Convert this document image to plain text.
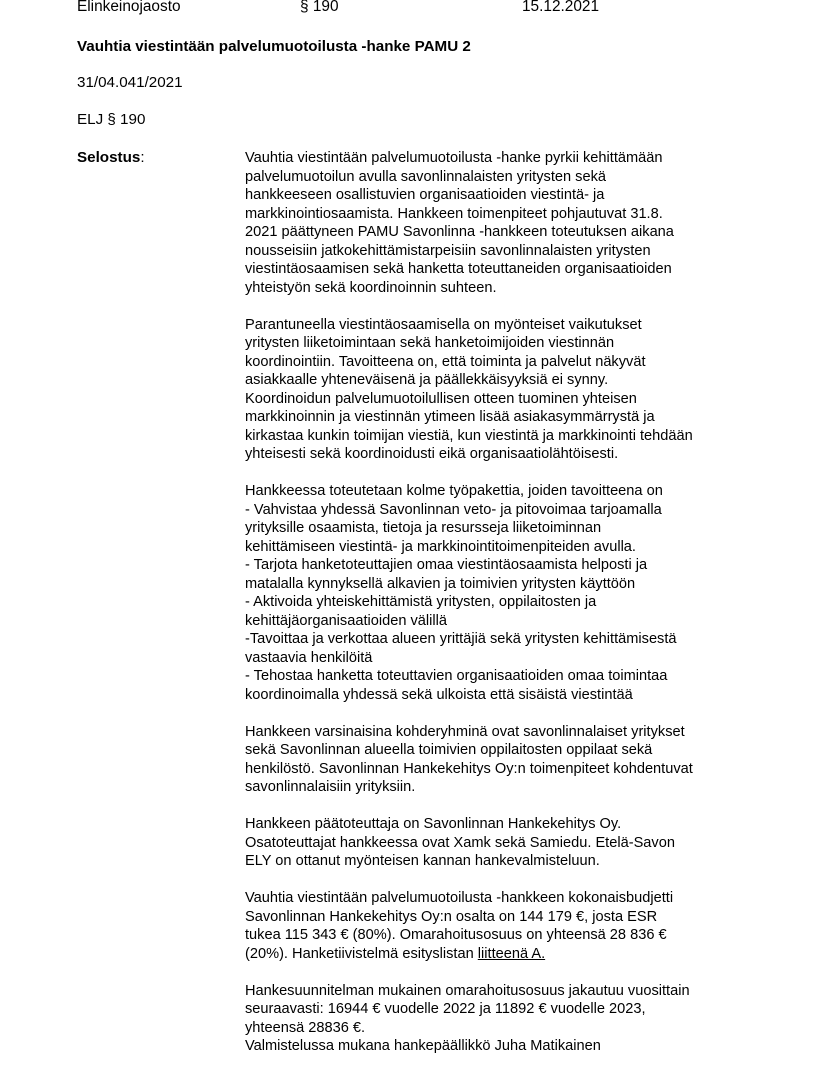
Elinkeinojaosto	§ 190	15.12.2021
Vauhtia viestintään palvelumuotoilusta -hanke PAMU 2
31/04.041/2021
ELJ § 190
Selostus:	Vauhtia viestintään palvelumuotoilusta -hanke pyrkii kehittämään
palvelumuotoilun avulla savonlinnalaisten yritysten sekä
hankkeeseen osallistuvien organisaatioiden viestintä- ja
markkinointiosaamista. Hankkeen toimenpiteet pohjautuvat 31.8.
2021 päättyneen PAMU Savonlinna -hankkeen toteutuksen aikana
nousseisiin jatkokehittämistarpeisiin savonlinnalaisten yritysten
viestintäosaamisen sekä hanketta toteuttaneiden organisaatioiden
yhteistyön sekä koordinoinnin suhteen.
Parantuneella viestintäosaamisella on myönteiset vaikutukset
yritysten liiketoimintaan sekä hanketoimijoiden viestinnän
koordinointiin. Tavoitteena on, että toiminta ja palvelut näkyvät
asiakkaalle yhteneväisenä ja päällekkäisyyksiä ei synny.
Koordinoidun palvelumuotoilullisen otteen tuominen yhteisen
markkinoinnin ja viestinnän ytimeen lisää asiakasymmärrystä ja
kirkastaa kunkin toimijan viestiä, kun viestintä ja markkinointi tehdään
yhteisesti sekä koordinoidusti eikä organisaatiolähtöisesti.
Hankkeessa toteutetaan kolme työpakettia, joiden tavoitteena on
- Vahvistaa yhdessä Savonlinnan veto- ja pitovoimaa tarjoamalla
yrityksille osaamista, tietoja ja resursseja liiketoiminnan
kehittämiseen viestintä- ja markkinointitoimenpiteiden avulla.
- Tarjota hanketoteuttajien omaa viestintäosaamista helposti ja
matalalla kynnyksellä alkavien ja toimivien yritysten käyttöön
- Aktivoida yhteiskehittämistä yritysten, oppilaitosten ja
kehittäjäorganisaatioiden välillä
-Tavoittaa ja verkottaa alueen yrittäjiä sekä yritysten kehittämisestä
vastaavia henkilöitä
- Tehostaa hanketta toteuttavien organisaatioiden omaa toimintaa
koordinoimalla yhdessä sekä ulkoista että sisäistä viestintää
Hankkeen varsinaisina kohderyhminä ovat savonlinnalaiset yritykset
sekä Savonlinnan alueella toimivien oppilaitosten oppilaat sekä
henkilöstö. Savonlinnan Hankekehitys Oy:n toimenpiteet kohdentuvat
savonlinnalaisiin yrityksiin.
Hankkeen päätoteuttaja on Savonlinnan Hankekehitys Oy.
Osatoteuttajat hankkeessa ovat Xamk sekä Samiedu. Etelä-Savon
ELY on ottanut myönteisen kannan hankevalmisteluun.
Vauhtia viestintään palvelumuotoilusta -hankkeen kokonaisbudjetti
Savonlinnan Hankekehitys Oy:n osalta on 144 179 €, josta ESR
tukea 115 343 € (80%). Omarahoitusosuus on yhteensä 28 836 €
(20%). Hanketiivistelmä esityslistan liitteenä A.
Hankesuunnitelman mukainen omarahoitusosuus jakautuu vuosittain
seuraavasti: 16944 € vuodelle 2022 ja 11892 € vuodelle 2023,
yhteensä 28836 €.
Valmistelussa mukana hankepäällikkö Juha Matikainen
